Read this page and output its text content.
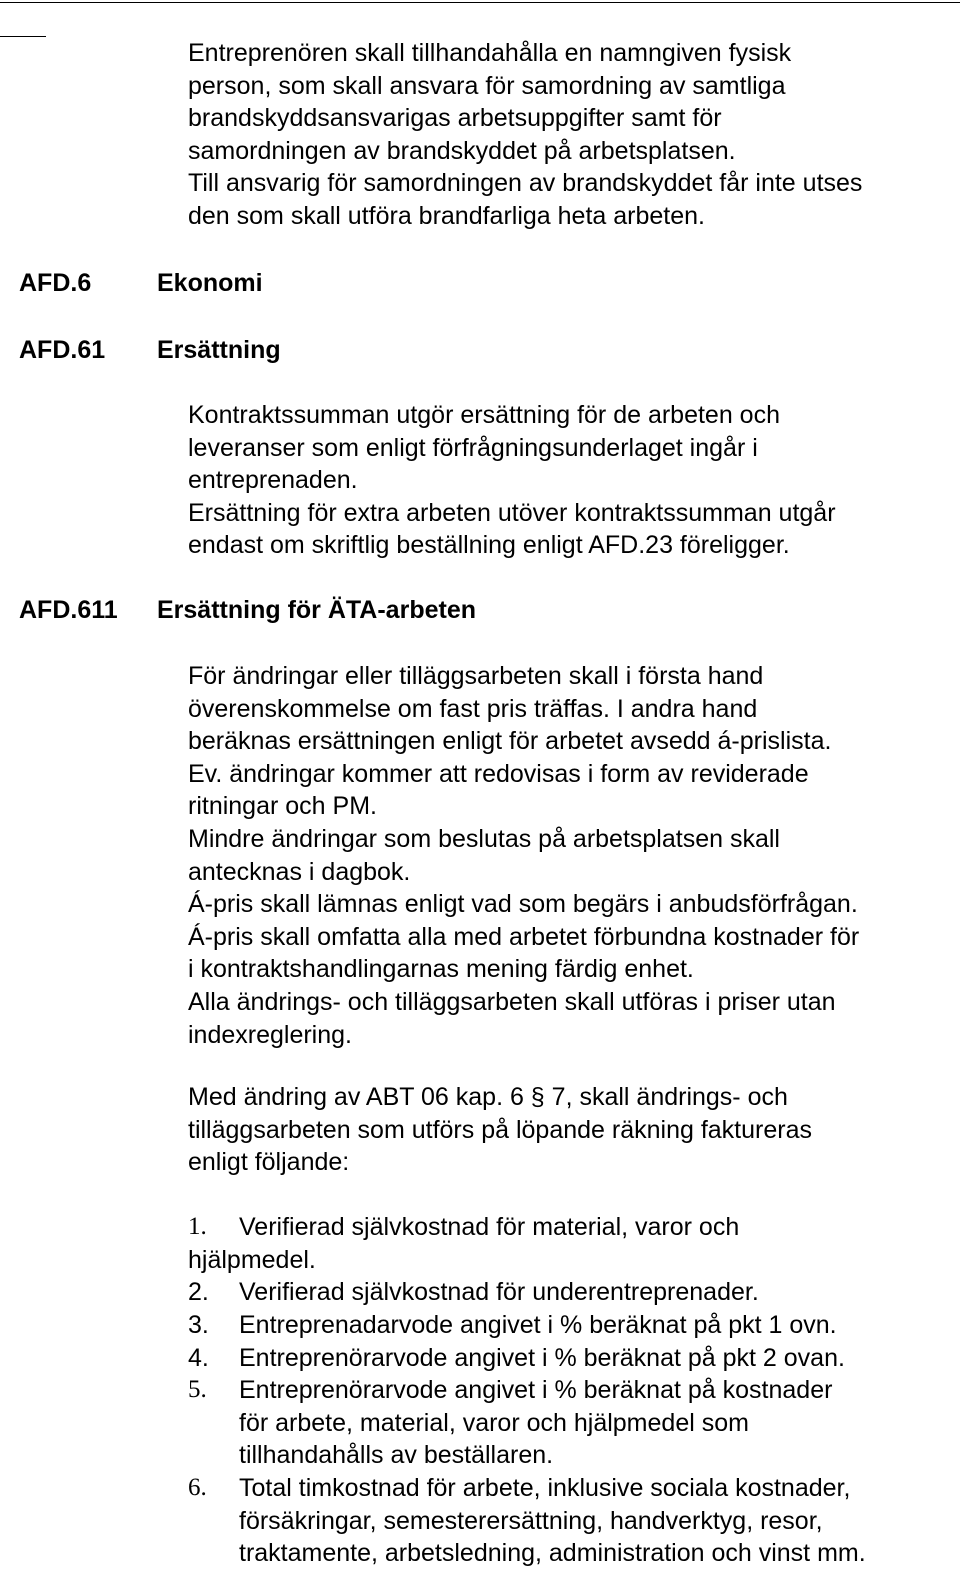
Entreprenören skall tillhandahålla en namngiven fysisk
person, som skall ansvara för samordning av samtliga
brandskyddsansvarigas arbetsuppgifter samt för
samordningen av brandskyddet på arbetsplatsen.
Till ansvarig för samordningen av brandskyddet får inte utses
den som skall utföra brandfarliga heta arbeten.
AFD.6	Ekonomi
AFD.61 Ersättning
Kontraktssumman utgör ersättning för de arbeten och
leveranser som enligt förfrågningsunderlaget ingår i
entreprenaden.
Ersättning för extra arbeten utöver kontraktssumman utgår
endast om skriftlig beställning enligt AFD.23 föreligger.
AFD.611 Ersättning för ÄTA-arbeten
För ändringar eller tilläggsarbeten skall i första hand
överenskommelse om fast pris träffas. I andra hand
beräknas ersättningen enligt för arbetet avsedd á-prislista.
Ev. ändringar kommer att redovisas i form av reviderade
ritningar och PM.
Mindre ändringar som beslutas på arbetsplatsen skall
antecknas i dagbok.
Á-pris skall lämnas enligt vad som begärs i anbudsförfrågan.
Á-pris skall omfatta alla med arbetet förbundna kostnader för
i kontraktshandlingarnas mening färdig enhet.
Alla ändrings- och tilläggsarbeten skall utföras i priser utan
indexreglering.
Med ändring av ABT 06 kap. 6 § 7, skall ändrings- och
tilläggsarbeten som utförs på löpande räkning faktureras
enligt följande:
1.	Verifierad självkostnad för material, varor och
hjälpmedel.
2.	Verifierad självkostnad för underentreprenader.
3.	Entreprenadarvode angivet i % beräknat på pkt 1 ovn.
4.	Entreprenörarvode angivet i % beräknat på pkt 2 ovan.
5.	Entreprenörarvode angivet i % beräknat på kostnader
för arbete, material, varor och hjälpmedel som
tillhandahålls av beställaren.
6.	Total timkostnad för arbete, inklusive sociala kostnader,
försäkringar, semesterersättning, handverktyg, resor,
traktamente, arbetsledning, administration och vinst mm.
